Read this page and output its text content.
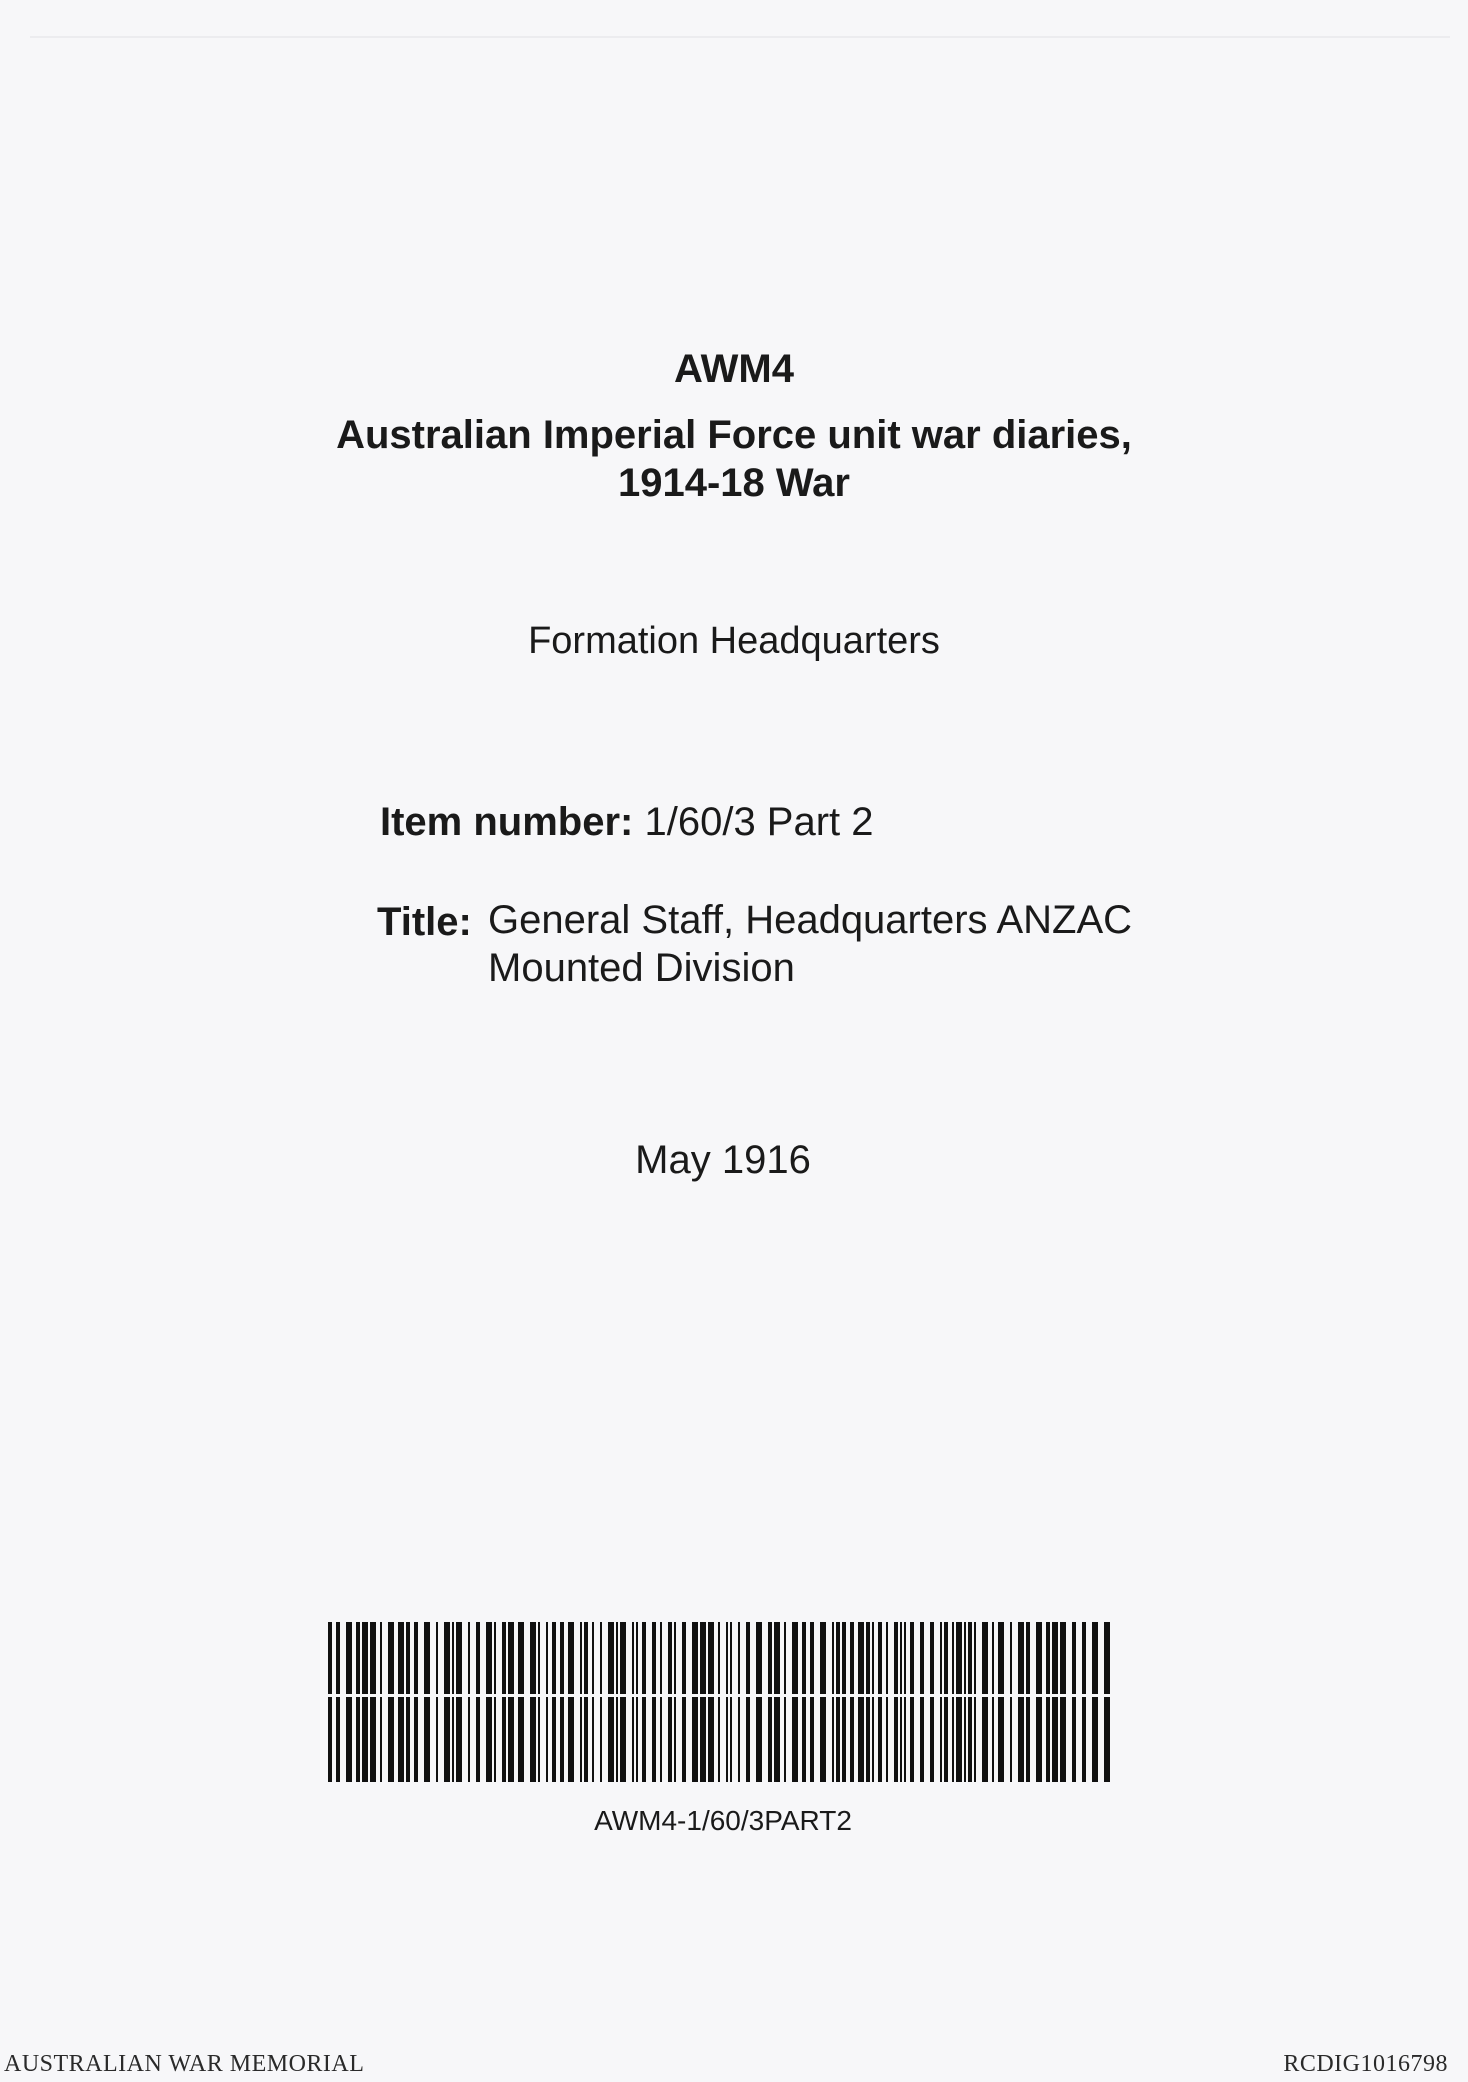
AWM4
Australian Imperial Force unit war diaries,
1914-18 War
Formation Headquarters
Item number: 1/60/3 Part 2
Title: General Staff, Headquarters ANZAC
Mounted Division
May 1916
AWM4-1/60/3PART2
AUSTRALIAN WAR MEMORIAL	RCDIG1016798
